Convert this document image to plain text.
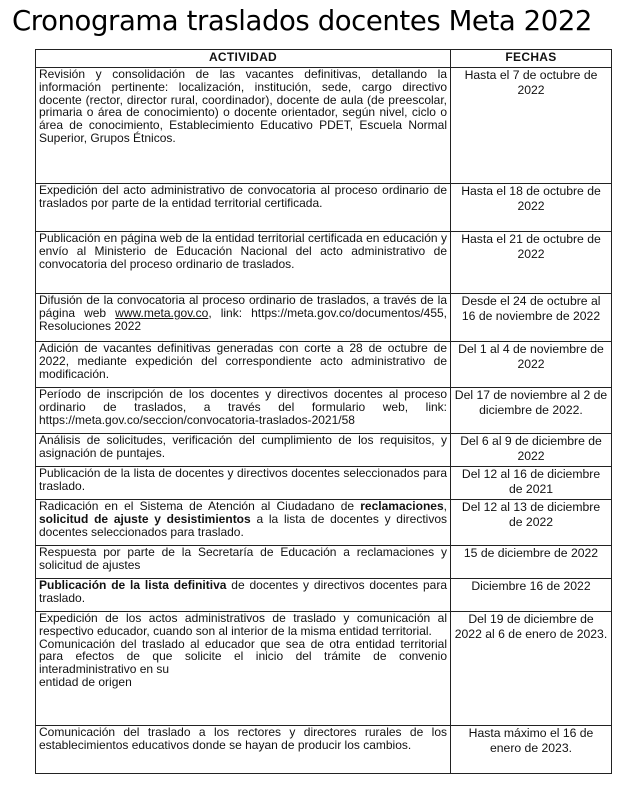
Cronograma traslados docentes Meta 2022
ACTIVIDAD	FECHAS
Revisión y consolidación de las vacantes definitivas, detallando la información pertinente: localización, institución, sede, cargo directivo docente (rector, director rural, coordinador), docente de aula (de preescolar, primaria o área de conocimiento) o docente orientador, según nivel, ciclo o área de conocimiento, Establecimiento Educativo PDET, Escuela Normal Superior, Grupos Étnicos.	Hasta el 7 de octubre de 2022
Expedición del acto administrativo de convocatoria al proceso ordinario de traslados por parte de la entidad territorial certificada.	Hasta el 18 de octubre de 2022
Publicación en página web de la entidad territorial certificada en educación y envío al Ministerio de Educación Nacional del acto administrativo de convocatoria del proceso ordinario de traslados.	Hasta el 21 de octubre de 2022
Difusión de la convocatoria al proceso ordinario de traslados, a través de la página web www.meta.gov.co, link: https://meta.gov.co/documentos/455, Resoluciones 2022	Desde el 24 de octubre al 16 de noviembre de 2022
Adición de vacantes definitivas generadas con corte a 28 de octubre de 2022, mediante expedición del correspondiente acto administrativo de modificación.	Del 1 al 4 de noviembre de 2022
Período de inscripción de los docentes y directivos docentes al proceso ordinario de traslados, a través del formulario web, link: https://meta.gov.co/seccion/convocatoria-traslados-2021/58	Del 17 de noviembre al 2 de diciembre de 2022.
Análisis de solicitudes, verificación del cumplimiento de los requisitos, y asignación de puntajes.	Del 6 al 9 de diciembre de 2022
Publicación de la lista de docentes y directivos docentes seleccionados para traslado.	Del 12 al 16 de diciembre de 2021
Radicación en el Sistema de Atención al Ciudadano de reclamaciones, solicitud de ajuste y desistimientos a la lista de docentes y directivos docentes seleccionados para traslado.	Del 12 al 13 de diciembre de 2022
Respuesta por parte de la Secretaría de Educación a reclamaciones y solicitud de ajustes	15 de diciembre de 2022
Publicación de la lista definitiva de docentes y directivos docentes para traslado.	Diciembre 16 de 2022

Expedición de los actos administrativos de traslado y comunicación al respectivo educador, cuando son al interior de la misma entidad territorial.

Comunicación del traslado al educador que sea de otra entidad territorial para efectos de que solicite el inicio del trámite de convenio interadministrativo en su

entidad de origen	Del 19 de diciembre de 2022 al 6 de enero de 2023.
Comunicación del traslado a los rectores y directores rurales de los establecimientos educativos donde se hayan de producir los cambios.	Hasta máximo el 16 de enero de 2023.
